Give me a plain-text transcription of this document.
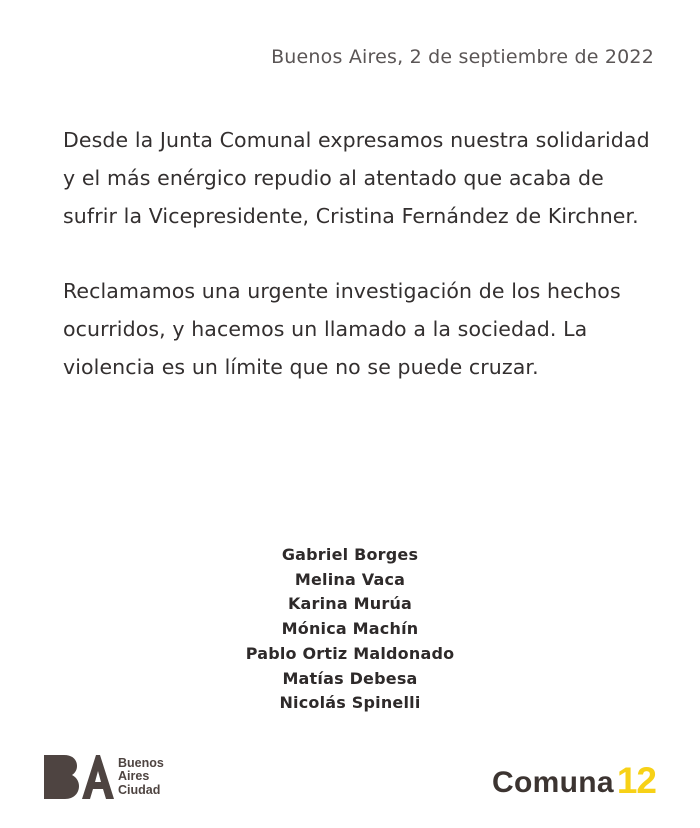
Buenos Aires, 2 de septiembre de 2022

Desde la Junta Comunal expresamos nuestra solidaridad y el más enérgico repudio al atentado que acaba de sufrir la Vicepresidente, Cristina Fernández de Kirchner.

Reclamamos una urgente investigación de los hechos ocurridos, y hacemos un llamado a la sociedad. La violencia es un límite que no se puede cruzar.

Gabriel Borges
Melina Vaca
Karina Murúa
Mónica Machín
Pablo Ortiz Maldonado
Matías Debesa
Nicolás Spinelli
Buenos
Aires
Ciudad	Comuna 12
